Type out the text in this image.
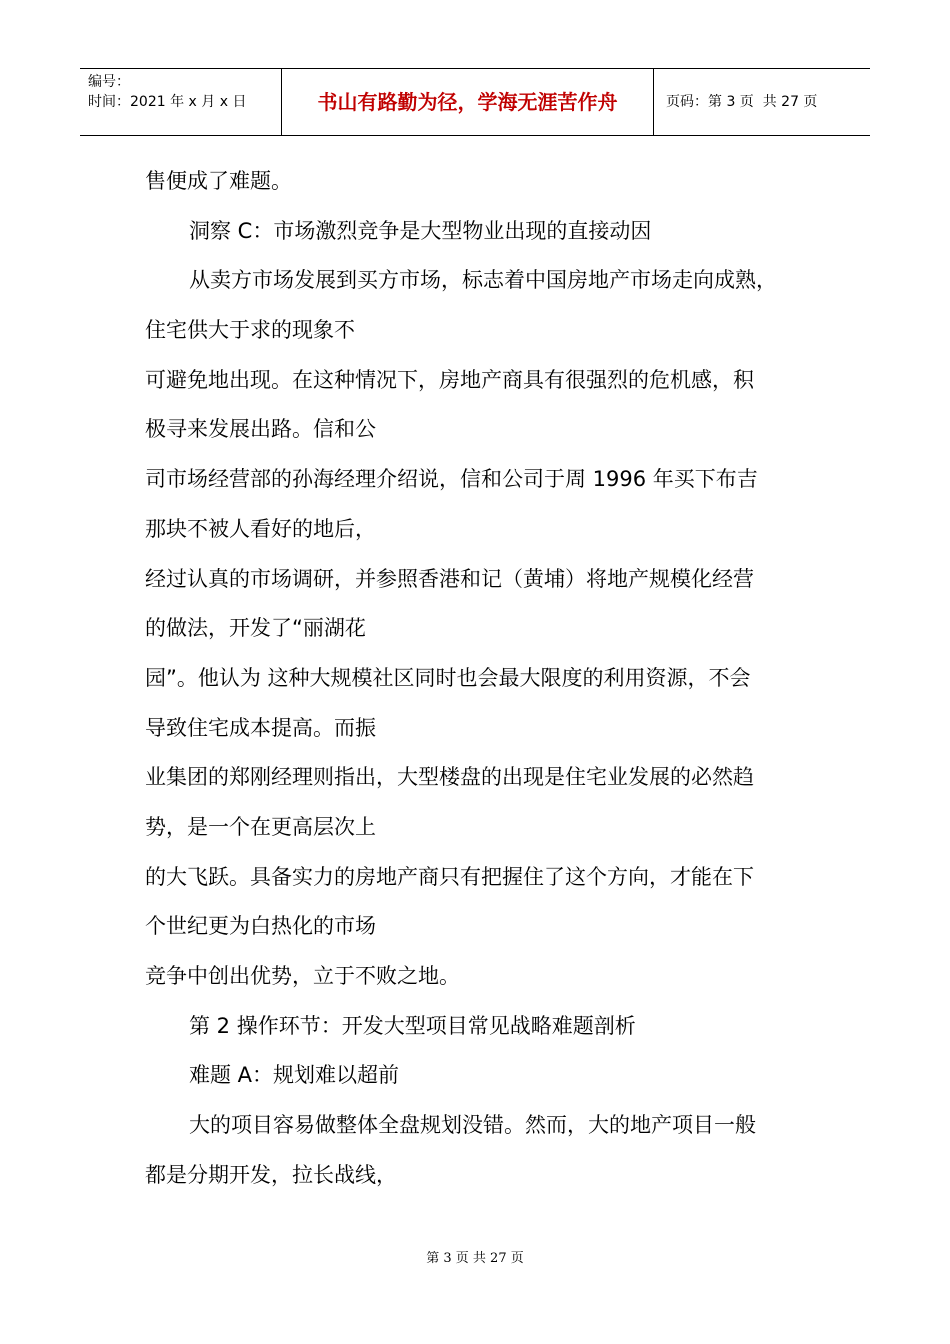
编号：
时间：2021 年 x 月 x 日	书山有路勤为径，学海无涯苦作舟	页码：第 3 页  共 27 页
售便成了难题。
洞察 C：市场激烈竞争是大型物业出现的直接动因
从卖方市场发展到买方市场，标志着中国房地产市场走向成熟，
住宅供大于求的现象不
可避免地出现。在这种情况下，房地产商具有很强烈的危机感，积
极寻来发展出路。信和公
司市场经营部的孙海经理介绍说，信和公司于周 1996 年买下布吉
那块不被人看好的地后，
经过认真的市场调研，并参照香港和记（黄埔）将地产规模化经营
的做法，开发了“丽湖花
园”。他认为 这种大规模社区同时也会最大限度的利用资源，不会
导致住宅成本提高。而振
业集团的郑刚经理则指出，大型楼盘的出现是住宅业发展的必然趋
势，是一个在更高层次上
的大飞跃。具备实力的房地产商只有把握住了这个方向，才能在下
个世纪更为白热化的市场
竞争中创出优势，立于不败之地。
第 2 操作环节：开发大型项目常见战略难题剖析
难题 A：规划难以超前
大的项目容易做整体全盘规划没错。然而，大的地产项目一般
都是分期开发，拉长战线，
第 3 页 共 27 页
